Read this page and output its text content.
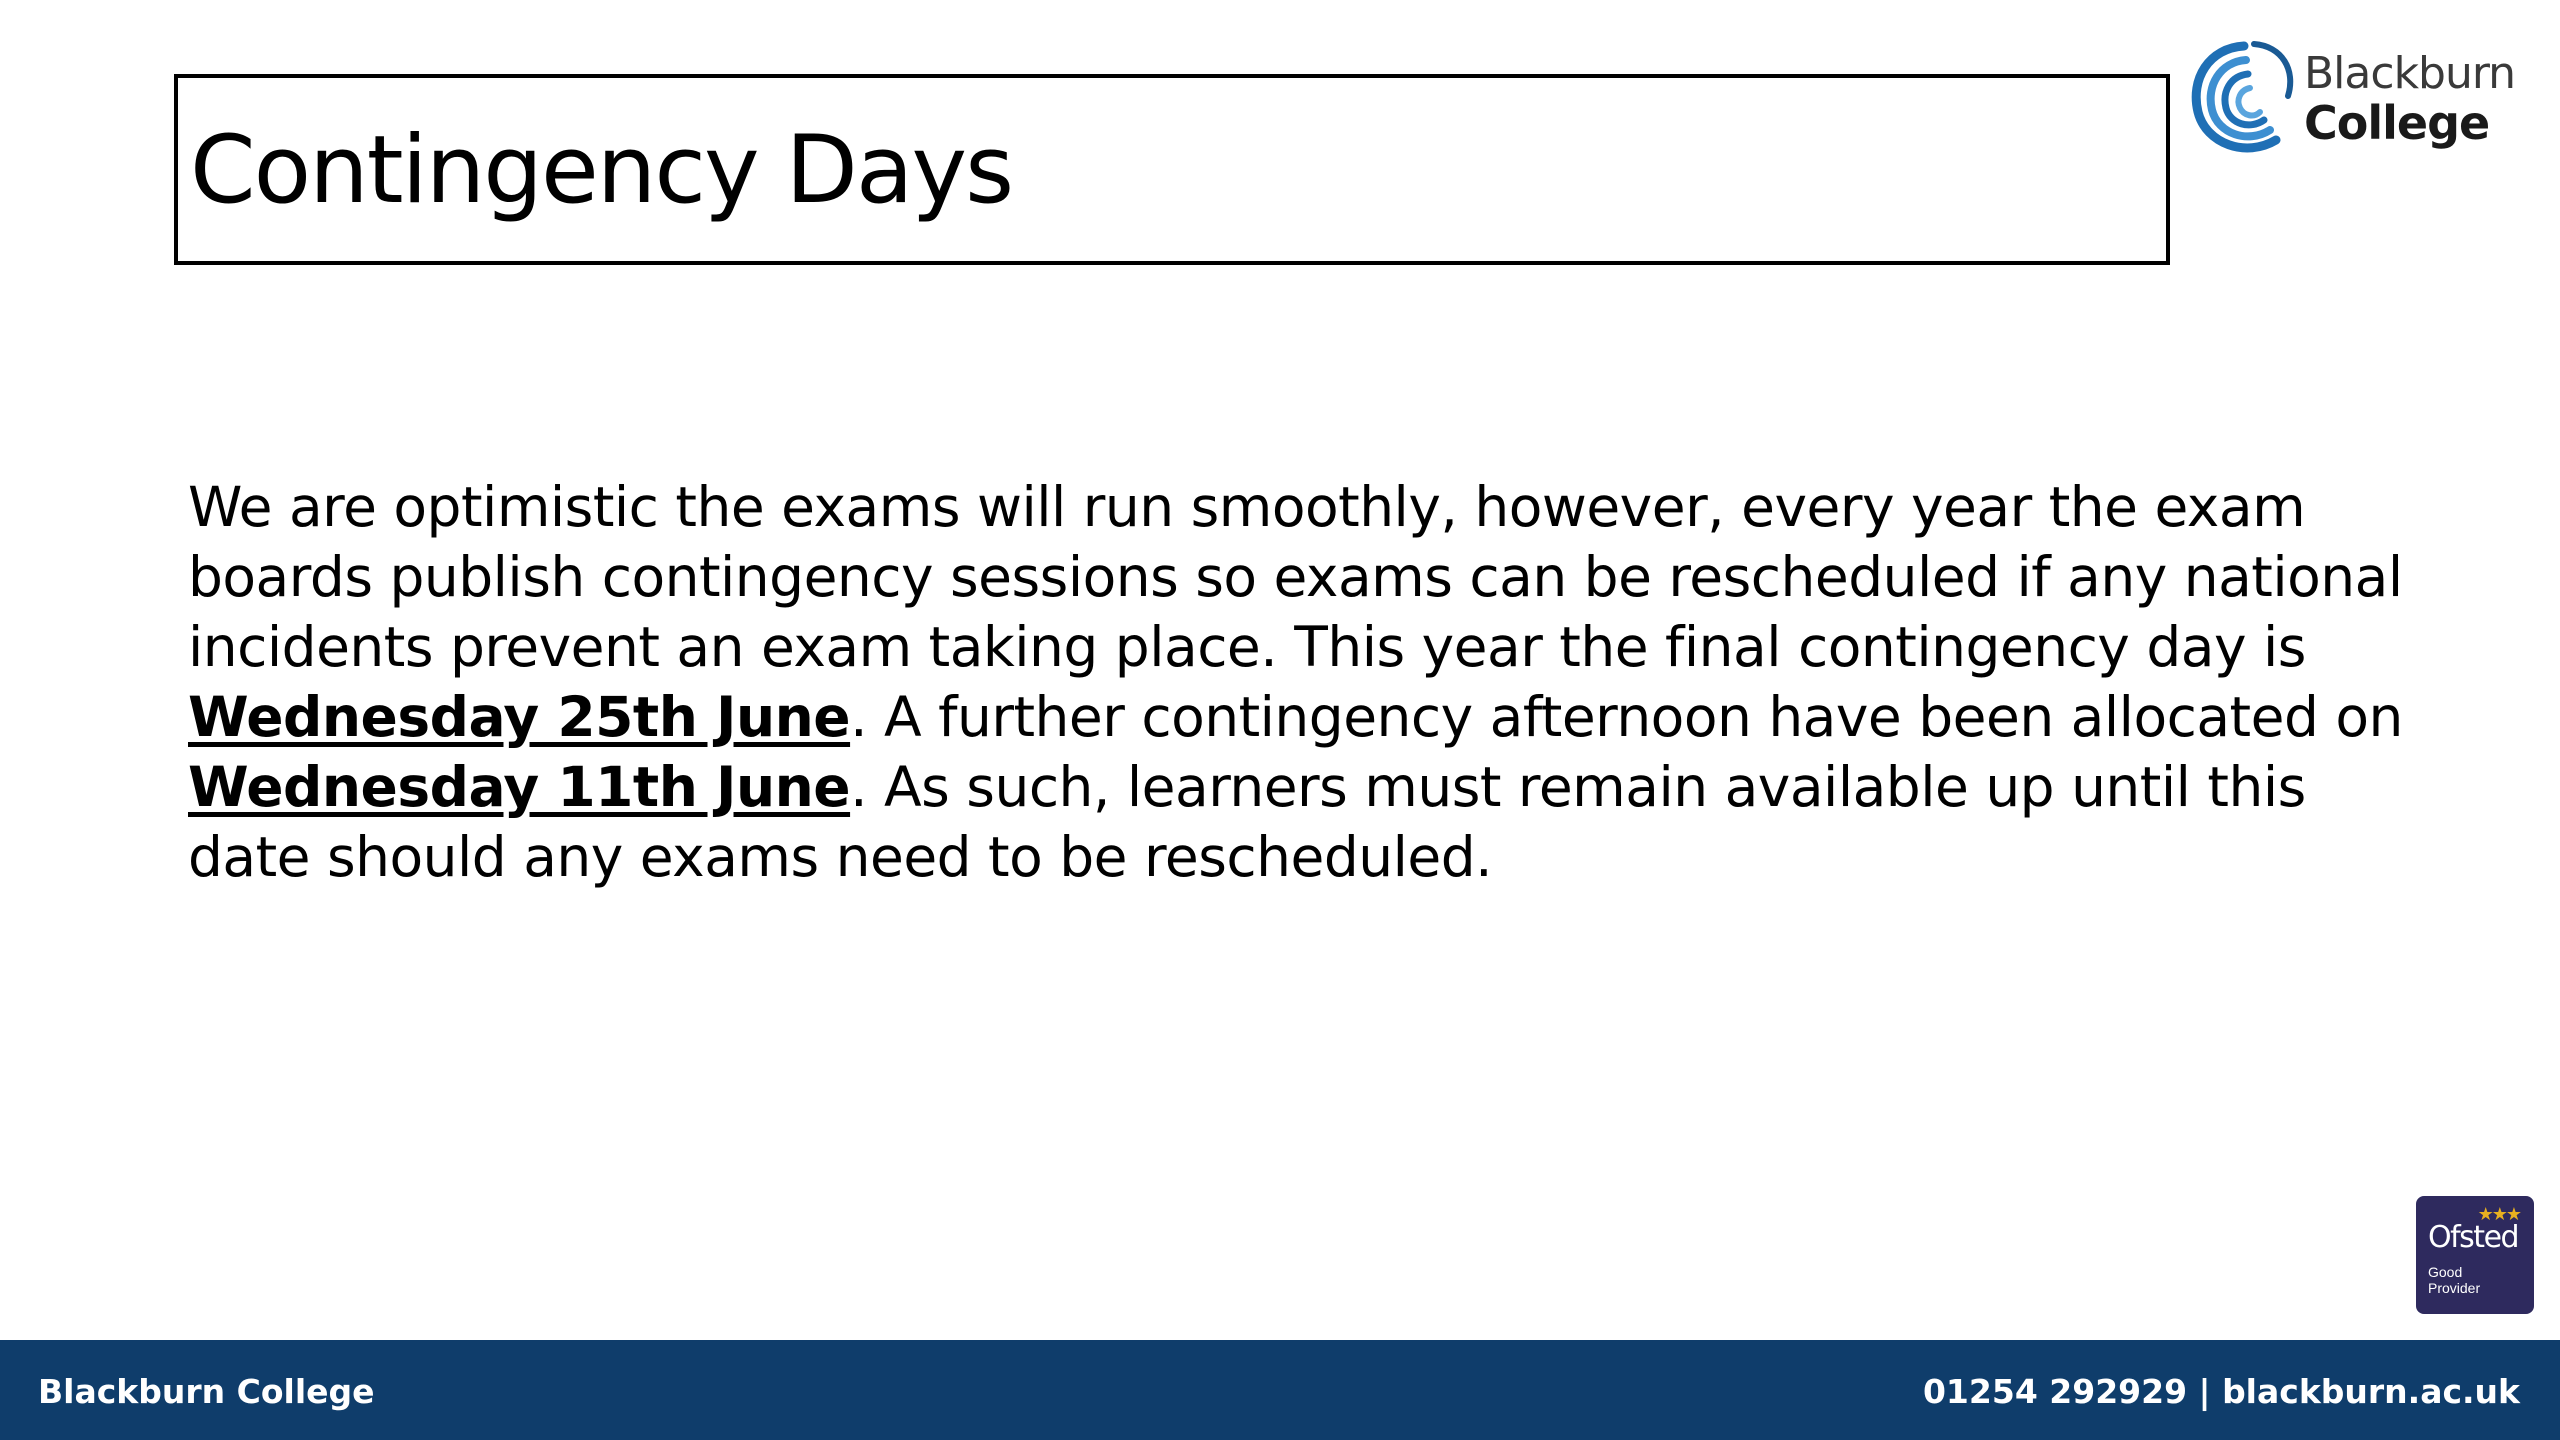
Contingency Days
Blackburn
College
We are optimistic the exams will run smoothly, however, every year the exam boards publish contingency sessions so exams can be rescheduled if any national incidents prevent an exam taking place. This year the final contingency day is Wednesday 25th June. A further contingency afternoon have been allocated on Wednesday 11th June. As such, learners must remain available up until this date should any exams need to be rescheduled.
★★★
Ofsted
Good
Provider
Blackburn College	01254 292929 | blackburn.ac.uk
